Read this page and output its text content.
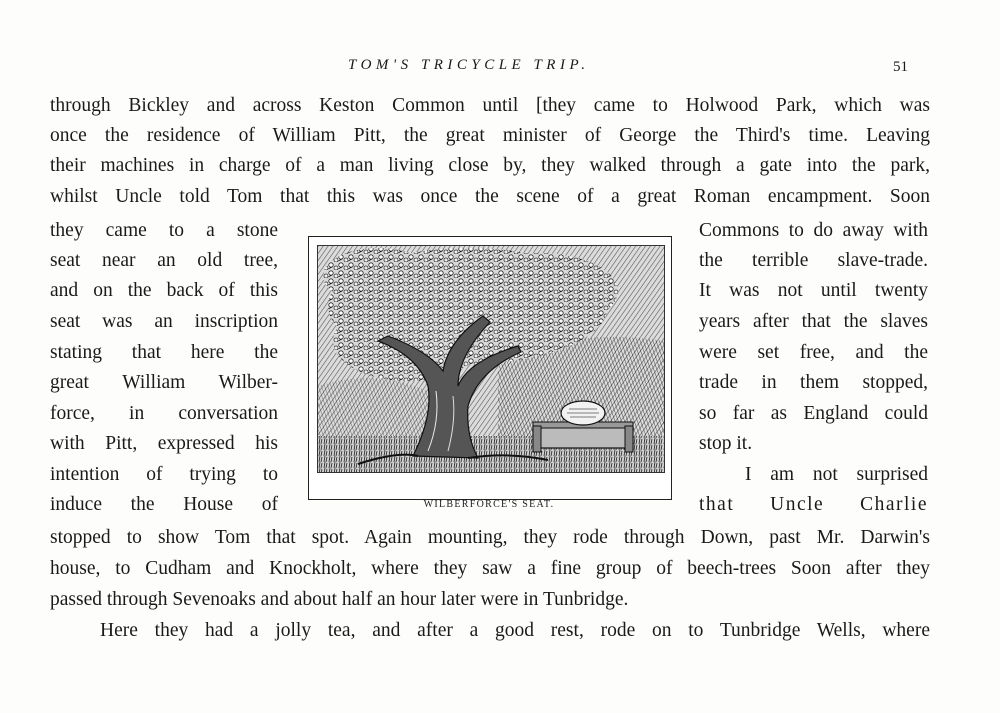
TOM'S TRICYCLE TRIP.	51
through Bickley and across Keston Common until [they came to Holwood Park, which was
once the residence of William Pitt, the great minister of George the Third's time. Leaving
their machines in charge of a man living close by, they walked through a gate into the park,
whilst Uncle told Tom that this was once the scene of a great Roman encampment. Soon
they came to a stone
seat near an old tree,
and on the back of this
seat was an inscription
stating that here the
great William Wilber-
force, in conversation
with Pitt, expressed his
intention of trying to
induce the House of
Commons to do away with
the terrible slave-trade.
It was not until twenty
years after that the slaves
were set free, and the
trade in them stopped,
so far as England could
stop it.
I am not surprised
that Uncle Charlie
WILBERFORCE'S SEAT.
stopped to show Tom that spot. Again mounting, they rode through Down, past Mr. Darwin's
house, to Cudham and Knockholt, where they saw a fine group of beech-trees Soon after they
passed through Sevenoaks and about half an hour later were in Tunbridge.
Here they had a jolly tea, and after a good rest, rode on to Tunbridge Wells, where
